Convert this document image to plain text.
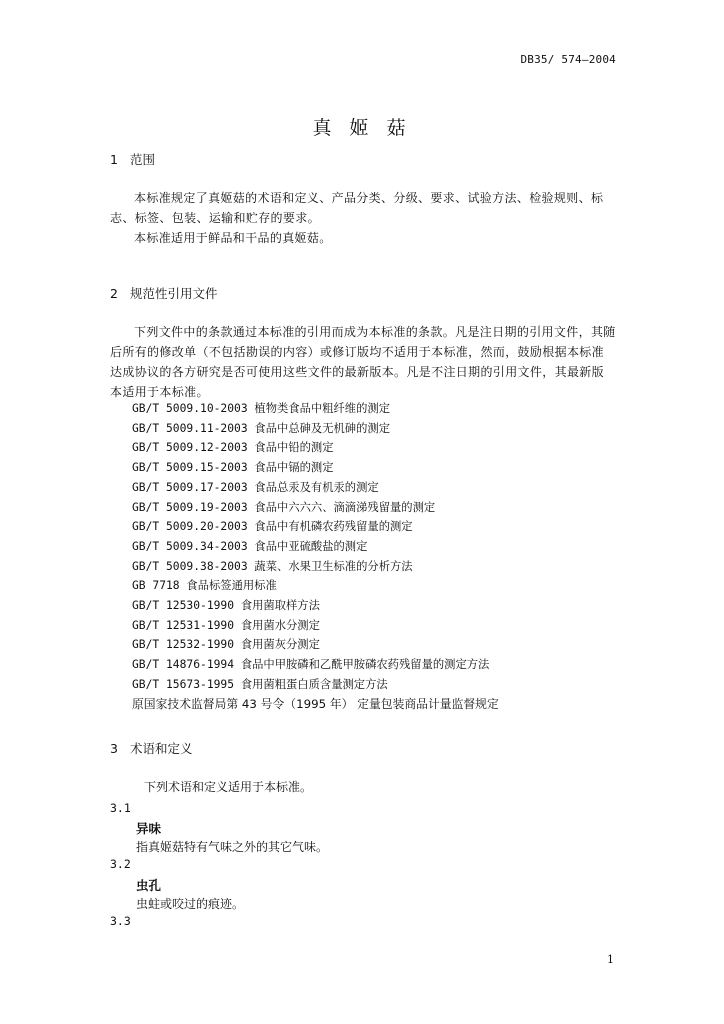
DB35/ 574—2004
真 姬 菇
1 范围
本标准规定了真姬菇的术语和定义、产品分类、分级、要求、试验方法、检验规则、标志、标签、包装、运输和贮存的要求。
本标准适用于鲜品和干品的真姬菇。
2 规范性引用文件
下列文件中的条款通过本标准的引用而成为本标准的条款。凡是注日期的引用文件，其随后所有的修改单（不包括勘误的内容）或修订版均不适用于本标准，然而，鼓励根据本标准达成协议的各方研究是否可使用这些文件的最新版本。凡是不注日期的引用文件，其最新版本适用于本标准。
GB/T 5009.10-2003 植物类食品中粗纤维的测定
GB/T 5009.11-2003 食品中总砷及无机砷的测定
GB/T 5009.12-2003 食品中铅的测定
GB/T 5009.15-2003 食品中镉的测定
GB/T 5009.17-2003 食品总汞及有机汞的测定
GB/T 5009.19-2003 食品中六六六、滴滴涕残留量的测定
GB/T 5009.20-2003 食品中有机磷农药残留量的测定
GB/T 5009.34-2003 食品中亚硫酸盐的测定
GB/T 5009.38-2003 蔬菜、水果卫生标准的分析方法
GB 7718 食品标签通用标准
GB/T 12530-1990 食用菌取样方法
GB/T 12531-1990 食用菌水分测定
GB/T 12532-1990 食用菌灰分测定
GB/T 14876-1994 食品中甲胺磷和乙酰甲胺磷农药残留量的测定方法
GB/T 15673-1995 食用菌粗蛋白质含量测定方法
原国家技术监督局第 43 号令（1995 年） 定量包装商品计量监督规定
3 术语和定义
下列术语和定义适用于本标准。
3.1
异味
指真姬菇特有气味之外的其它气味。
3.2
虫孔
虫蛀或咬过的痕迹。
3.3
1
